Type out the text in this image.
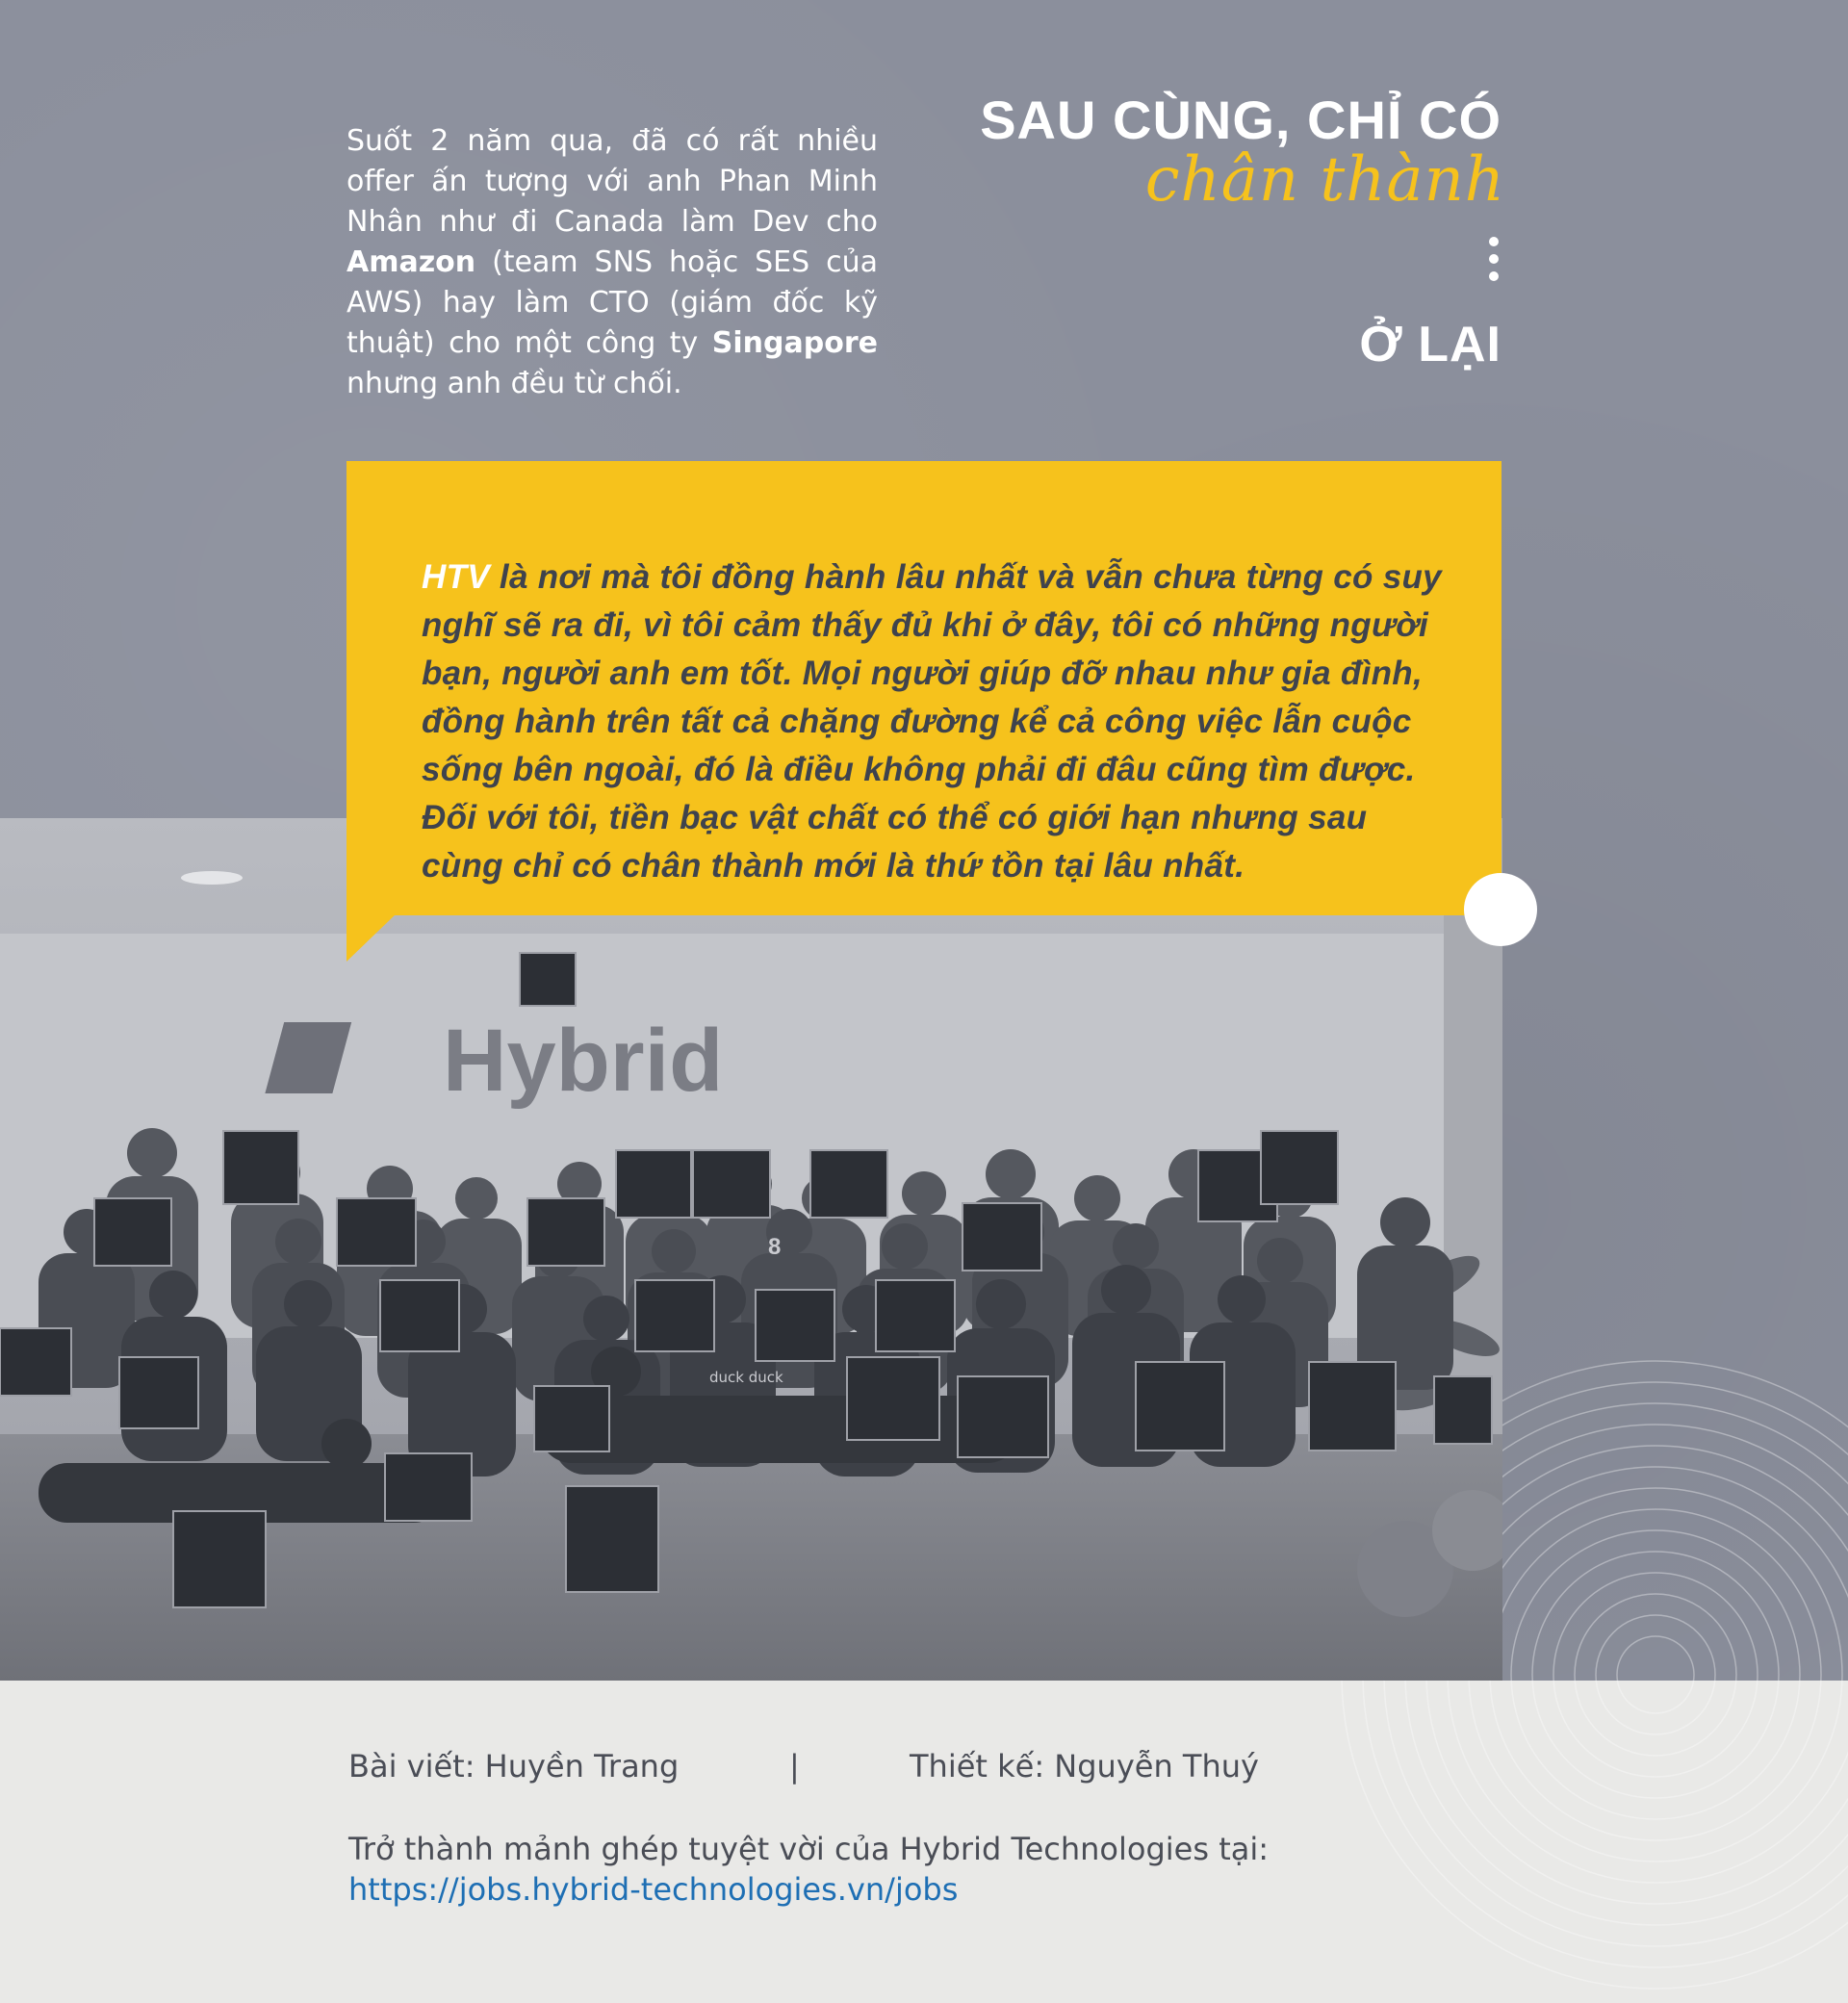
Suốt 2 năm qua, đã có rất nhiều offer ấn tượng với anh Phan Minh Nhân như đi Canada làm Dev cho Amazon (team SNS hoặc SES của AWS) hay làm CTO (giám đốc kỹ thuật) cho một công ty Singapore nhưng anh đều từ chối.

SAU CÙNG, CHỈ CÓ
chân thành
Ở LẠI
Hybrid
duck duck
8

HTV là nơi mà tôi đồng hành lâu nhất và vẫn chưa từng có suy nghĩ sẽ ra đi, vì tôi cảm thấy đủ khi ở đây, tôi có những người bạn, người anh em tốt. Mọi người giúp đỡ nhau như gia đình, đồng hành trên tất cả chặng đường kể cả công việc lẫn cuộc sống bên ngoài, đó là điều không phải đi đâu cũng tìm được. Đối với tôi, tiền bạc vật chất có thể có giới hạn nhưng sau cùng chỉ có chân thành mới là thứ tồn tại lâu nhất.

Bài viết: Huyền Trang	|	Thiết kế: Nguyễn Thuý
Trở thành mảnh ghép tuyệt vời của Hybrid Technologies tại:
https://jobs.hybrid-technologies.vn/jobs
